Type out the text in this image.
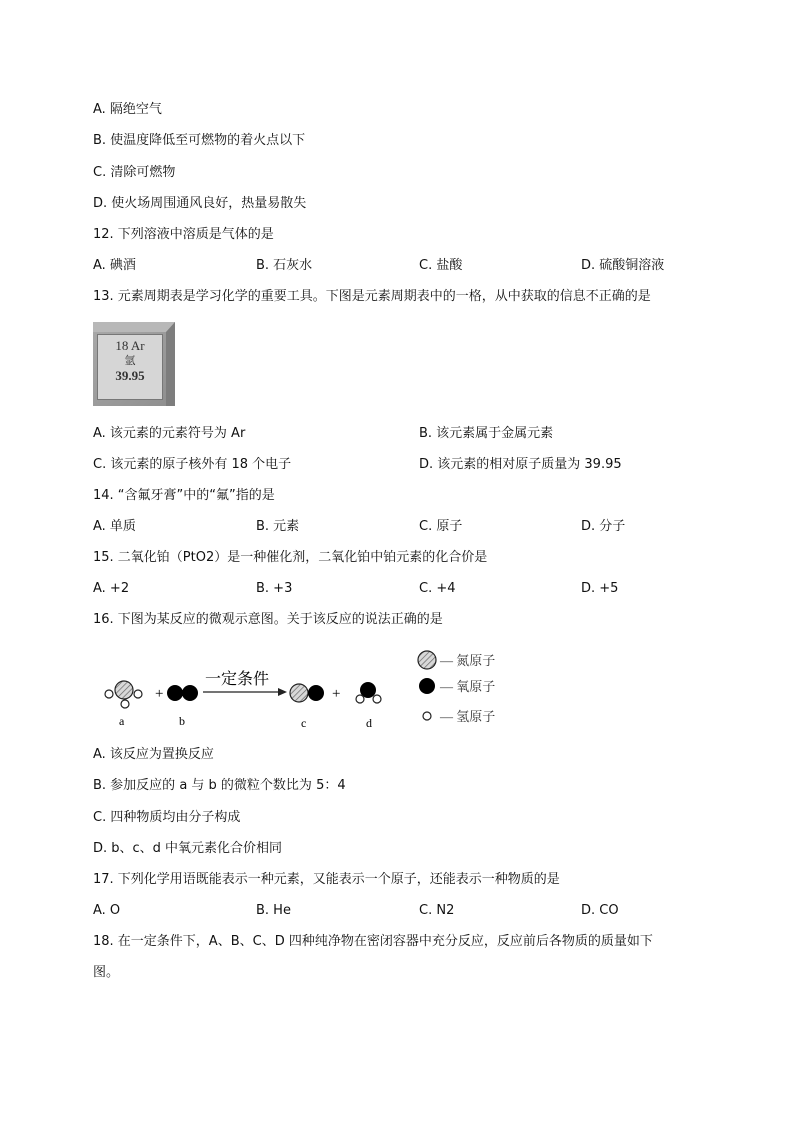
A. 隔绝空气
B. 使温度降低至可燃物的着火点以下
C. 清除可燃物
D. 使火场周围通风良好，热量易散失
12. 下列溶液中溶质是气体的是
A. 碘酒	B. 石灰水	C. 盐酸	D. 硫酸铜溶液
13. 元素周期表是学习化学的重要工具。下图是元素周期表中的一格，从中获取的信息不正确的是
18 Ar
氩
39.95
A. 该元素的元素符号为 Ar	B. 该元素属于金属元素
C. 该元素的原子核外有 18 个电子	D. 该元素的相对原子质量为 39.95
14. “含氟牙膏”中的“氟”指的是
A. 单质	B. 元素	C. 原子	D. 分子
15. 二氧化铂（PtO2）是一种催化剂，二氧化铂中铂元素的化合价是
A. +2	B. +3	C. +4	D. +5
16. 下图为某反应的微观示意图。关于该反应的说法正确的是
+
一定条件
+
a	b	c	d
— 氮原子
— 氧原子
— 氢原子
A. 该反应为置换反应
B. 参加反应的 a 与 b 的微粒个数比为 5：4
C. 四种物质均由分子构成
D. b、c、d 中氧元素化合价相同
17. 下列化学用语既能表示一种元素，又能表示一个原子，还能表示一种物质的是
A. O	B. He	C. N2	D. CO
18. 在一定条件下，A、B、C、D 四种纯净物在密闭容器中充分反应，反应前后各物质的质量如下
图。
